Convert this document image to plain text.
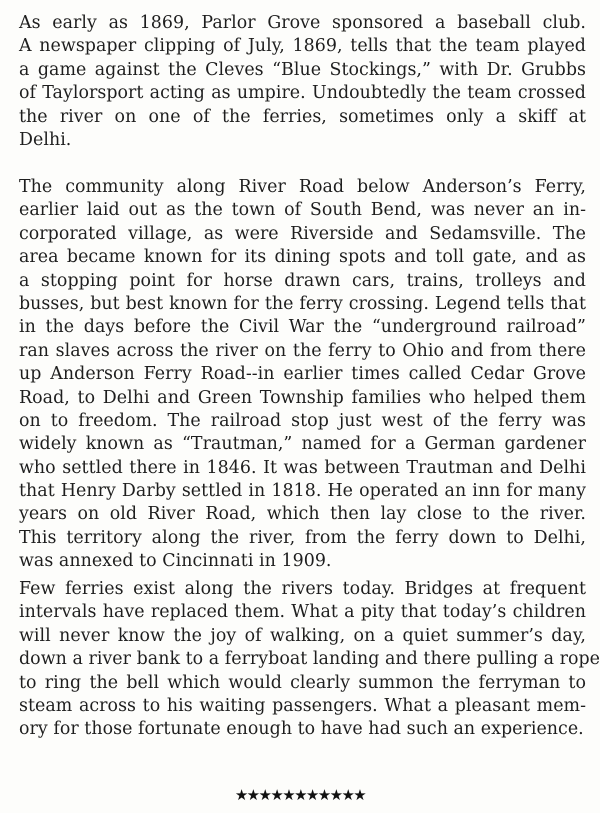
As early as 1869, Parlor Grove sponsored a baseball club.
A newspaper clipping of July, 1869, tells that the team played
a game against the Cleves “Blue Stockings,” with Dr. Grubbs
of Taylorsport acting as umpire. Undoubtedly the team crossed
the river on one of the ferries, sometimes only a skiff at
Delhi.
The community along River Road below Anderson’s Ferry,
earlier laid out as the town of South Bend, was never an in-
corporated village, as were Riverside and Sedamsville. The
area became known for its dining spots and toll gate, and as
a stopping point for horse drawn cars, trains, trolleys and
busses, but best known for the ferry crossing. Legend tells that
in the days before the Civil War the “underground railroad”
ran slaves across the river on the ferry to Ohio and from there
up Anderson Ferry Road--in earlier times called Cedar Grove
Road, to Delhi and Green Township families who helped them
on to freedom. The railroad stop just west of the ferry was
widely known as “Trautman,” named for a German gardener
who settled there in 1846. It was between Trautman and Delhi
that Henry Darby settled in 1818. He operated an inn for many
years on old River Road, which then lay close to the river.
This territory along the river, from the ferry down to Delhi,
was annexed to Cincinnati in 1909.
Few ferries exist along the rivers today. Bridges at frequent
intervals have replaced them. What a pity that today’s children
will never know the joy of walking, on a quiet summer’s day,
down a river bank to a ferryboat landing and there pulling a rope
to ring the bell which would clearly summon the ferryman to
steam across to his waiting passengers. What a pleasant mem-
ory for those fortunate enough to have had such an experience.
★★★★★★★★★★★
